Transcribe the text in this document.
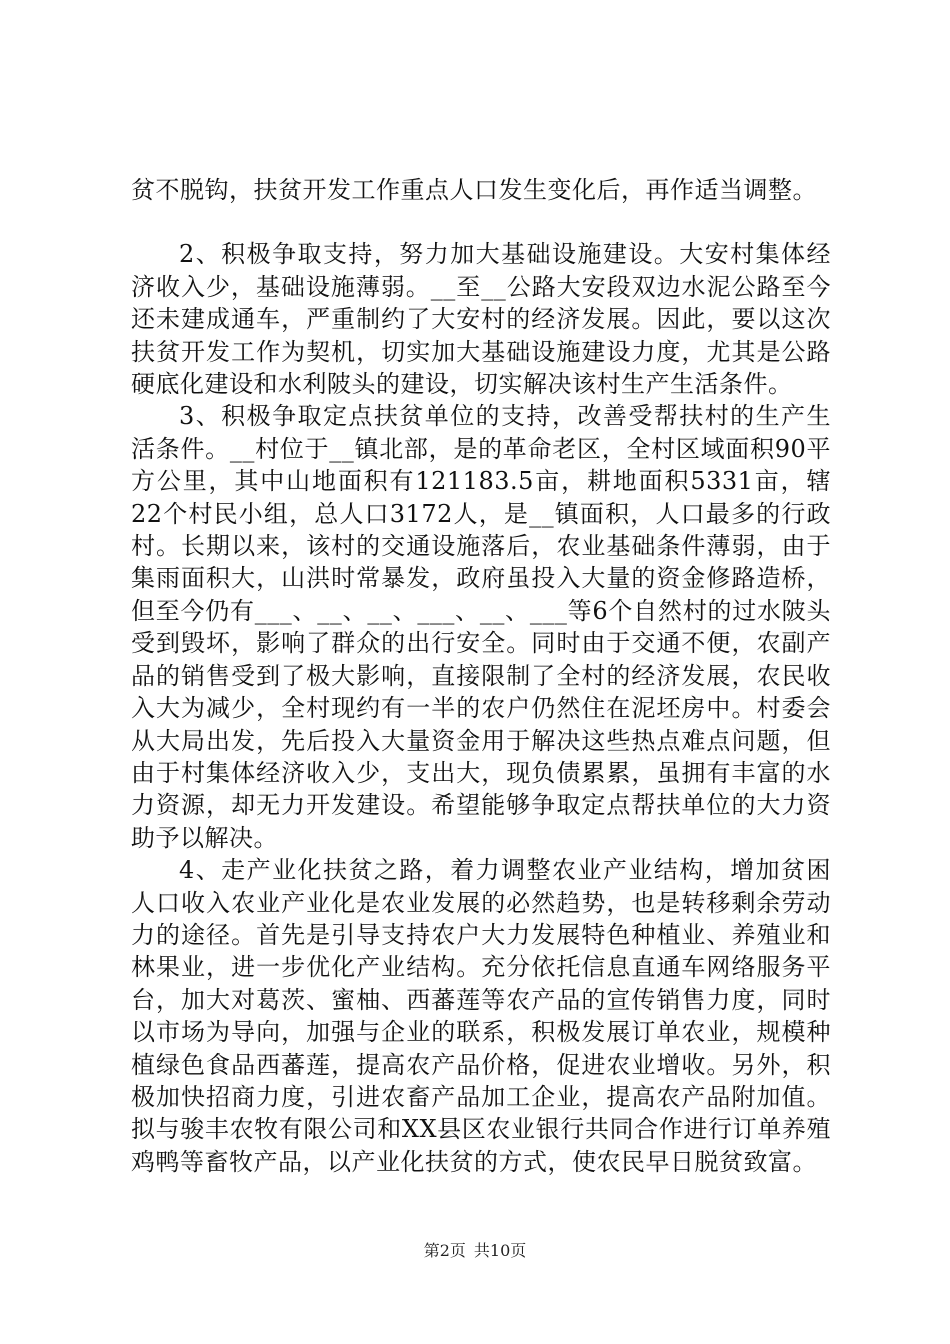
贫不脱钩，扶贫开发工作重点人口发生变化后，再作适当调整。

2、积极争取支持，努力加大基础设施建设。大安村集体经济收入少，基础设施薄弱。__至__公路大安段双边水泥公路至今还未建成通车，严重制约了大安村的经济发展。因此，要以这次扶贫开发工作为契机，切实加大基础设施建设力度，尤其是公路硬底化建设和水利陂头的建设，切实解决该村生产生活条件。

3、积极争取定点扶贫单位的支持，改善受帮扶村的生产生活条件。__村位于__镇北部，是的革命老区，全村区域面积90平方公里，其中山地面积有121183.5亩，耕地面积5331亩，辖22个村民小组，总人口3172人，是__镇面积，人口最多的行政村。长期以来，该村的交通设施落后，农业基础条件薄弱，由于集雨面积大，山洪时常暴发，政府虽投入大量的资金修路造桥，但至今仍有___、__、__、___、__、___等6个自然村的过水陂头受到毁坏，影响了群众的出行安全。同时由于交通不便，农副产品的销售受到了极大影响，直接限制了全村的经济发展，农民收入大为减少，全村现约有一半的农户仍然住在泥坯房中。村委会从大局出发，先后投入大量资金用于解决这些热点难点问题，但由于村集体经济收入少，支出大，现负债累累，虽拥有丰富的水力资源，却无力开发建设。希望能够争取定点帮扶单位的大力资助予以解决。

4、走产业化扶贫之路，着力调整农业产业结构，增加贫困人口收入农业产业化是农业发展的必然趋势，也是转移剩余劳动力的途径。首先是引导支持农户大力发展特色种植业、养殖业和林果业，进一步优化产业结构。充分依托信息直通车网络服务平台，加大对葛茨、蜜柚、西蕃莲等农产品的宣传销售力度，同时以市场为导向，加强与企业的联系，积极发展订单农业，规模种植绿色食品西蕃莲，提高农产品价格，促进农业增收。另外，积极加快招商力度，引进农畜产品加工企业，提高农产品附加值。拟与骏丰农牧有限公司和XX县区农业银行共同合作进行订单养殖鸡鸭等畜牧产品，以产业化扶贫的方式，使农民早日脱贫致富。

第2页 共10页
